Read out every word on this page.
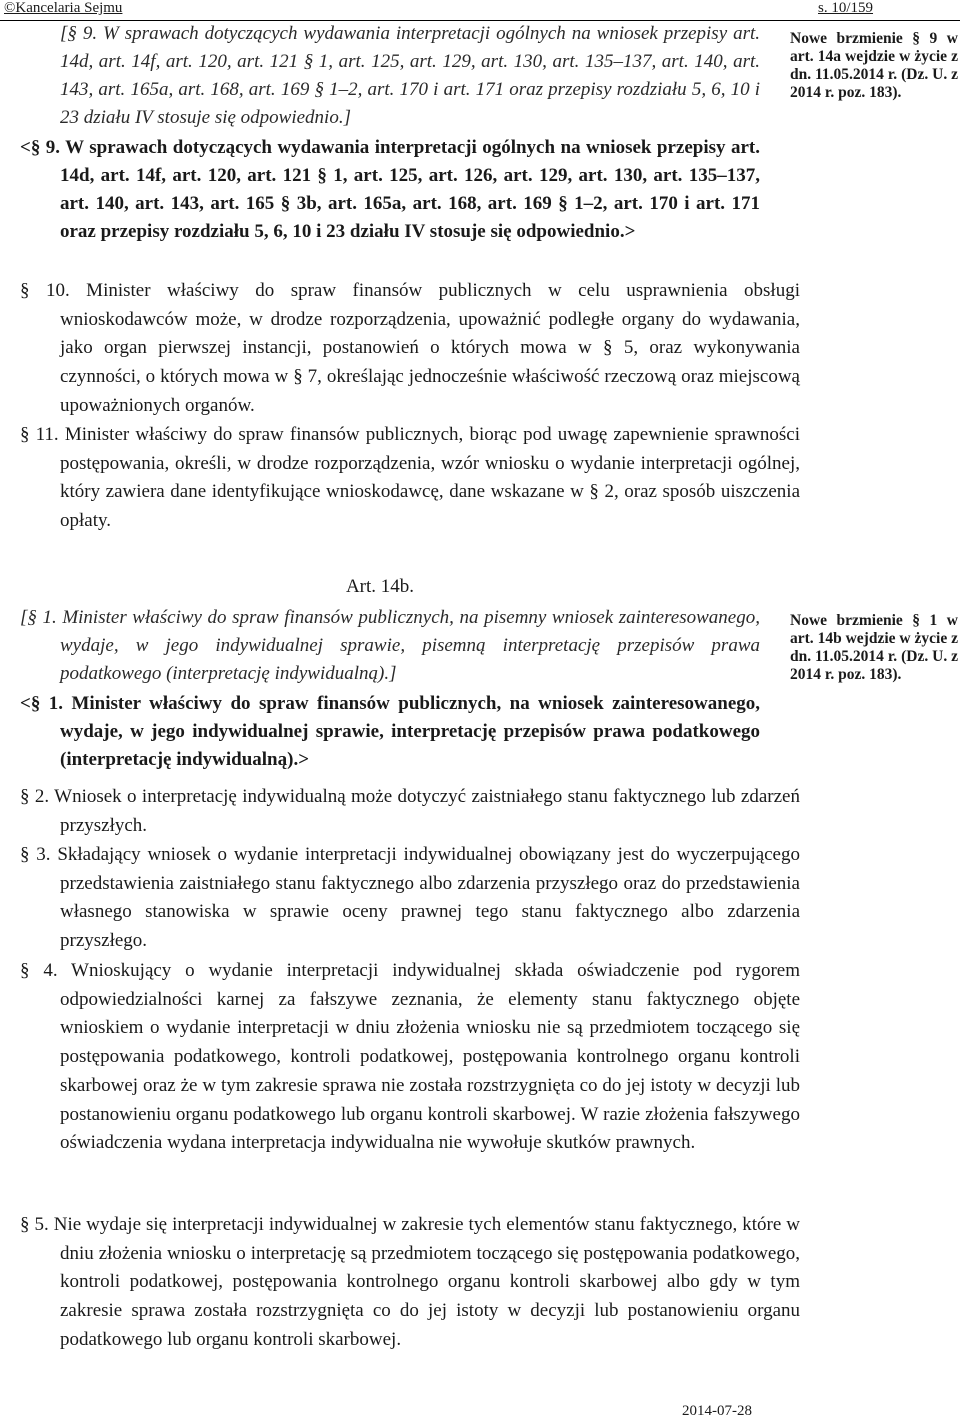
©Kancelaria Sejmu	s. 10/159
[§ 9. W sprawach dotyczących wydawania interpretacji ogólnych na wniosek przepisy art. 14d, art. 14f, art. 120, art. 121 § 1, art. 125, art. 129, art. 130, art. 135–137, art. 140, art. 143, art. 165a, art. 168, art. 169 § 1–2, art. 170 i art. 171 oraz przepisy rozdziału 5, 6, 10 i 23 działu IV stosuje się odpowiednio.]
Nowe brzmienie § 9 w art. 14a wejdzie w życie z dn. 11.05.2014 r. (Dz. U. z 2014 r. poz. 183).
<§ 9. W sprawach dotyczących wydawania interpretacji ogólnych na wniosek przepisy art. 14d, art. 14f, art. 120, art. 121 § 1, art. 125, art. 126, art. 129, art. 130, art. 135–137, art. 140, art. 143, art. 165 § 3b, art. 165a, art. 168, art. 169 § 1–2, art. 170 i art. 171 oraz przepisy rozdziału 5, 6, 10 i 23 działu IV stosuje się odpowiednio.>
§ 10. Minister właściwy do spraw finansów publicznych w celu usprawnienia obsługi wnioskodawców może, w drodze rozporządzenia, upoważnić podległe organy do wydawania, jako organ pierwszej instancji, postanowień o których mowa w § 5, oraz wykonywania czynności, o których mowa w § 7, określając jednocześnie właściwość rzeczową oraz miejscową upoważnionych organów.
§ 11. Minister właściwy do spraw finansów publicznych, biorąc pod uwagę zapewnienie sprawności postępowania, określi, w drodze rozporządzenia, wzór wniosku o wydanie interpretacji ogólnej, który zawiera dane identyfikujące wnioskodawcę, dane wskazane w § 2, oraz sposób uiszczenia opłaty.
Art. 14b.
[§ 1. Minister właściwy do spraw finansów publicznych, na pisemny wniosek zainteresowanego, wydaje, w jego indywidualnej sprawie, pisemną interpretację przepisów prawa podatkowego (interpretację indywidualną).]
Nowe brzmienie § 1 w art. 14b wejdzie w życie z dn. 11.05.2014 r. (Dz. U. z 2014 r. poz. 183).
<§ 1. Minister właściwy do spraw finansów publicznych, na wniosek zainteresowanego, wydaje, w jego indywidualnej sprawie, interpretację przepisów prawa podatkowego (interpretację indywidualną).>
§ 2. Wniosek o interpretację indywidualną może dotyczyć zaistniałego stanu faktycznego lub zdarzeń przyszłych.
§ 3. Składający wniosek o wydanie interpretacji indywidualnej obowiązany jest do wyczerpującego przedstawienia zaistniałego stanu faktycznego albo zdarzenia przyszłego oraz do przedstawienia własnego stanowiska w sprawie oceny prawnej tego stanu faktycznego albo zdarzenia przyszłego.
§ 4. Wnioskujący o wydanie interpretacji indywidualnej składa oświadczenie pod rygorem odpowiedzialności karnej za fałszywe zeznania, że elementy stanu faktycznego objęte wnioskiem o wydanie interpretacji w dniu złożenia wniosku nie są przedmiotem toczącego się postępowania podatkowego, kontroli podatkowej, postępowania kontrolnego organu kontroli skarbowej oraz że w tym zakresie sprawa nie została rozstrzygnięta co do jej istoty w decyzji lub postanowieniu organu podatkowego lub organu kontroli skarbowej. W razie złożenia fałszywego oświadczenia wydana interpretacja indywidualna nie wywołuje skutków prawnych.
§ 5. Nie wydaje się interpretacji indywidualnej w zakresie tych elementów stanu faktycznego, które w dniu złożenia wniosku o interpretację są przedmiotem toczącego się postępowania podatkowego, kontroli podatkowej, postępowania kontrolnego organu kontroli skarbowej albo gdy w tym zakresie sprawa została rozstrzygnięta co do jej istoty w decyzji lub postanowieniu organu podatkowego lub organu kontroli skarbowej.
2014-07-28
